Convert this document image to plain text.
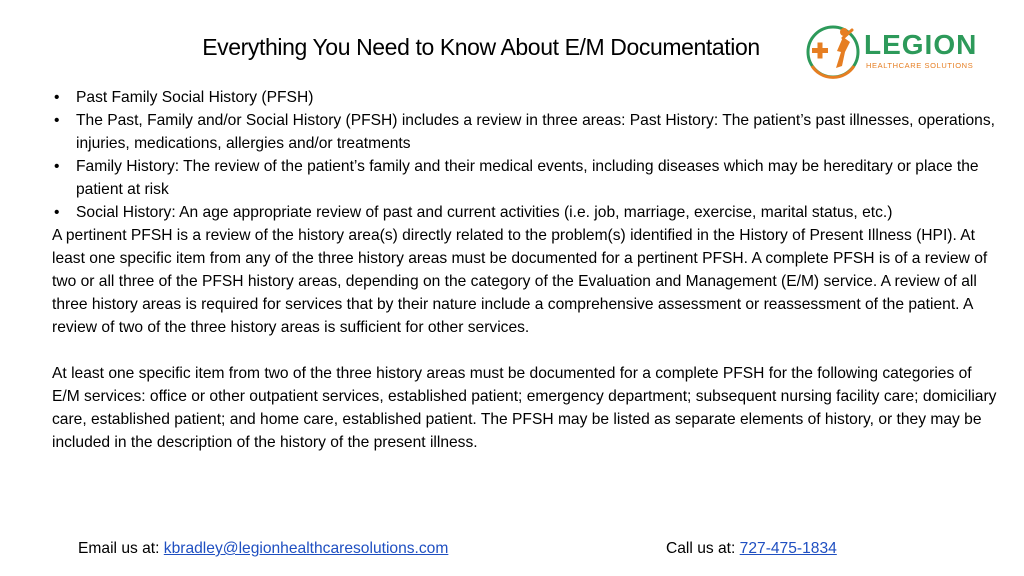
Everything You Need to Know About E/M Documentation	LEGION
HEALTHCARE SOLUTIONS
• Past Family Social History (PFSH)
• The Past, Family and/or Social History (PFSH) includes a review in three areas: Past History: The patient’s past illnesses, operations, injuries, medications, allergies and/or treatments
• Family History: The review of the patient’s family and their medical events, including diseases which may be hereditary or place the patient at risk
• Social History: An age appropriate review of past and current activities (i.e. job, marriage, exercise, marital status, etc.)

A pertinent PFSH is a review of the history area(s) directly related to the problem(s) identified in the History of Present Illness (HPI). At least one specific item from any of the three history areas must be documented for a pertinent PFSH. A complete PFSH is of a review of two or all three of the PFSH history areas, depending on the category of the Evaluation and Management (E/M) service. A review of all three history areas is required for services that by their nature include a comprehensive assessment or reassessment of the patient. A review of two of the three history areas is sufficient for other services.

At least one specific item from two of the three history areas must be documented for a complete PFSH for the following categories of E/M services: office or other outpatient services, established patient; emergency department; subsequent nursing facility care; domiciliary care, established patient; and home care, established patient. The PFSH may be listed as separate elements of history, or they may be included in the description of the history of the present illness.

Email us at: kbradley@legionhealthcaresolutions.com	Call us at: 727-475-1834
